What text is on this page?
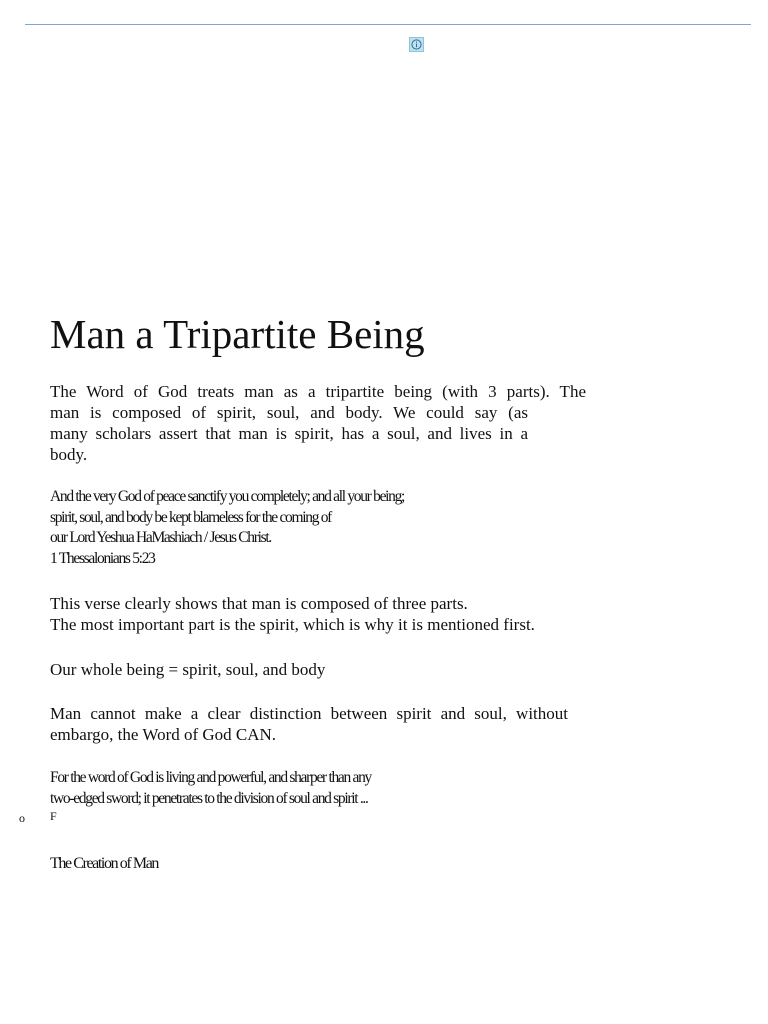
Man a Tripartite Being

The Word of God treats man as a tripartite being (with 3 parts). The
man is composed of spirit, soul, and body. We could say (as
many scholars assert that man is spirit, has a soul, and lives in a
body.

And the very God of peace sanctify you completely; and all your being;
spirit, soul, and body be kept blameless for the coming of
our Lord Yeshua HaMashiach / Jesus Christ.
1 Thessalonians 5:23

This verse clearly shows that man is composed of three parts.
The most important part is the spirit, which is why it is mentioned first.

Our whole being = spirit, soul, and body

Man cannot make a clear distinction between spirit and soul, without
embargo, the Word of God CAN.

For the word of God is living and powerful, and sharper than any
two-edged sword; it penetrates to the division of soul and spirit ...

o F
The Creation of Man
